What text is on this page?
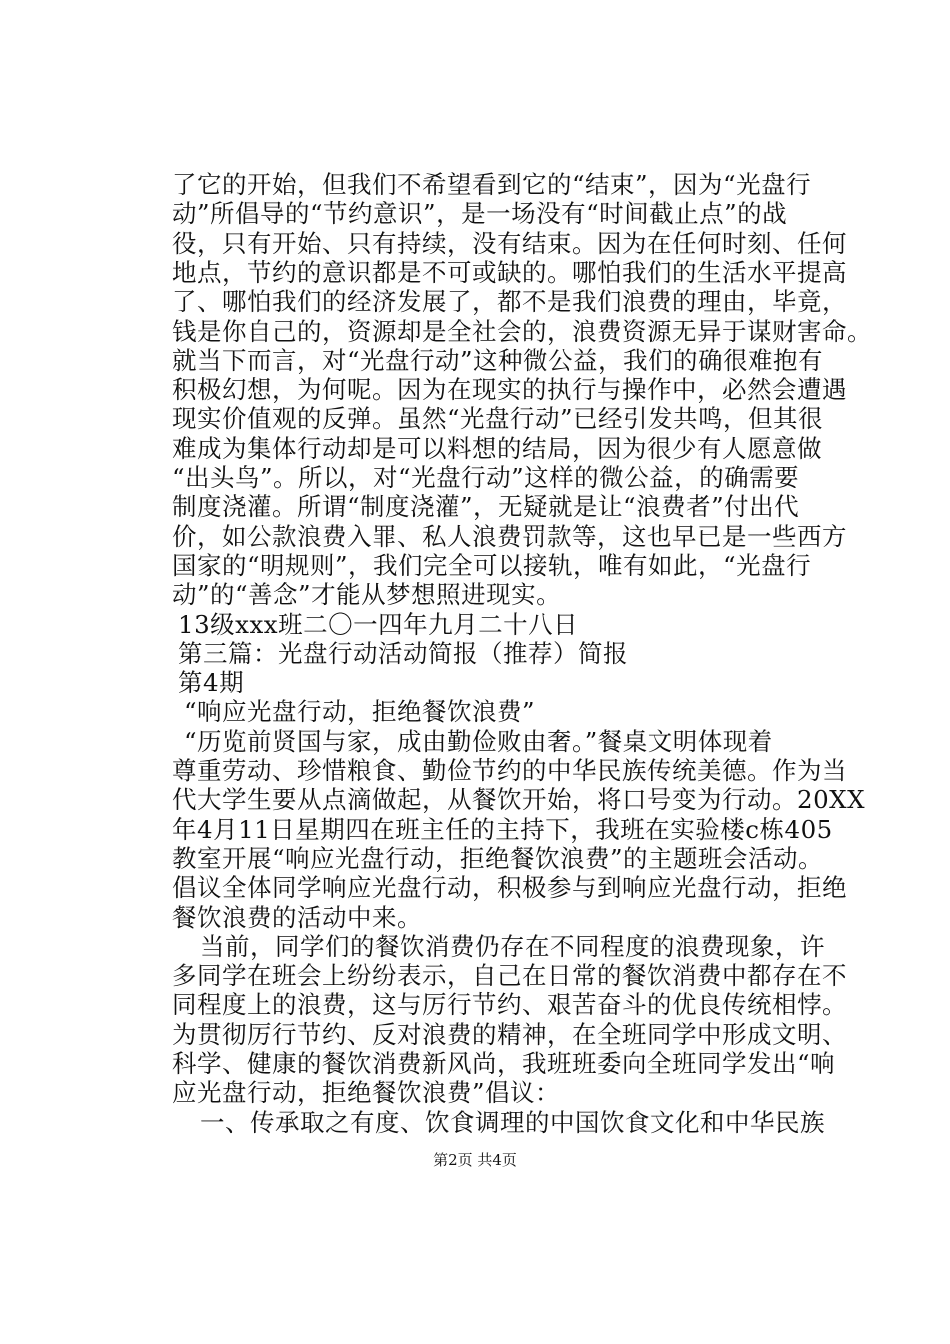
了它的开始，但我们不希望看到它的“结束”，因为“光盘行
动”所倡导的“节约意识”，是一场没有“时间截止点”的战
役，只有开始、只有持续，没有结束。因为在任何时刻、任何
地点，节约的意识都是不可或缺的。哪怕我们的生活水平提高
了、哪怕我们的经济发展了，都不是我们浪费的理由，毕竟，
钱是你自己的，资源却是全社会的，浪费资源无异于谋财害命。
就当下而言，对“光盘行动”这种微公益，我们的确很难抱有
积极幻想，为何呢。因为在现实的执行与操作中，必然会遭遇
现实价值观的反弹。虽然“光盘行动”已经引发共鸣，但其很
难成为集体行动却是可以料想的结局，因为很少有人愿意做
“出头鸟”。所以，对“光盘行动”这样的微公益，的确需要
制度浇灌。所谓“制度浇灌”，无疑就是让“浪费者”付出代
价，如公款浪费入罪、私人浪费罚款等，这也早已是一些西方
国家的“明规则”，我们完全可以接轨，唯有如此，“光盘行
动”的“善念”才能从梦想照进现实。
13级xxx班二〇一四年九月二十八日
第三篇：光盘行动活动简报（推荐）简报
第4期
“响应光盘行动，拒绝餐饮浪费”
“历览前贤国与家，成由勤俭败由奢。”餐桌文明体现着
尊重劳动、珍惜粮食、勤俭节约的中华民族传统美德。作为当
代大学生要从点滴做起，从餐饮开始，将口号变为行动。20XX
年4月11日星期四在班主任的主持下，我班在实验楼c栋405
教室开展“响应光盘行动，拒绝餐饮浪费”的主题班会活动。
倡议全体同学响应光盘行动，积极参与到响应光盘行动，拒绝
餐饮浪费的活动中来。
当前，同学们的餐饮消费仍存在不同程度的浪费现象，许
多同学在班会上纷纷表示，自己在日常的餐饮消费中都存在不
同程度上的浪费，这与厉行节约、艰苦奋斗的优良传统相悖。
为贯彻厉行节约、反对浪费的精神，在全班同学中形成文明、
科学、健康的餐饮消费新风尚，我班班委向全班同学发出“响
应光盘行动，拒绝餐饮浪费”倡议：
一、传承取之有度、饮食调理的中国饮食文化和中华民族
第2页 共4页
